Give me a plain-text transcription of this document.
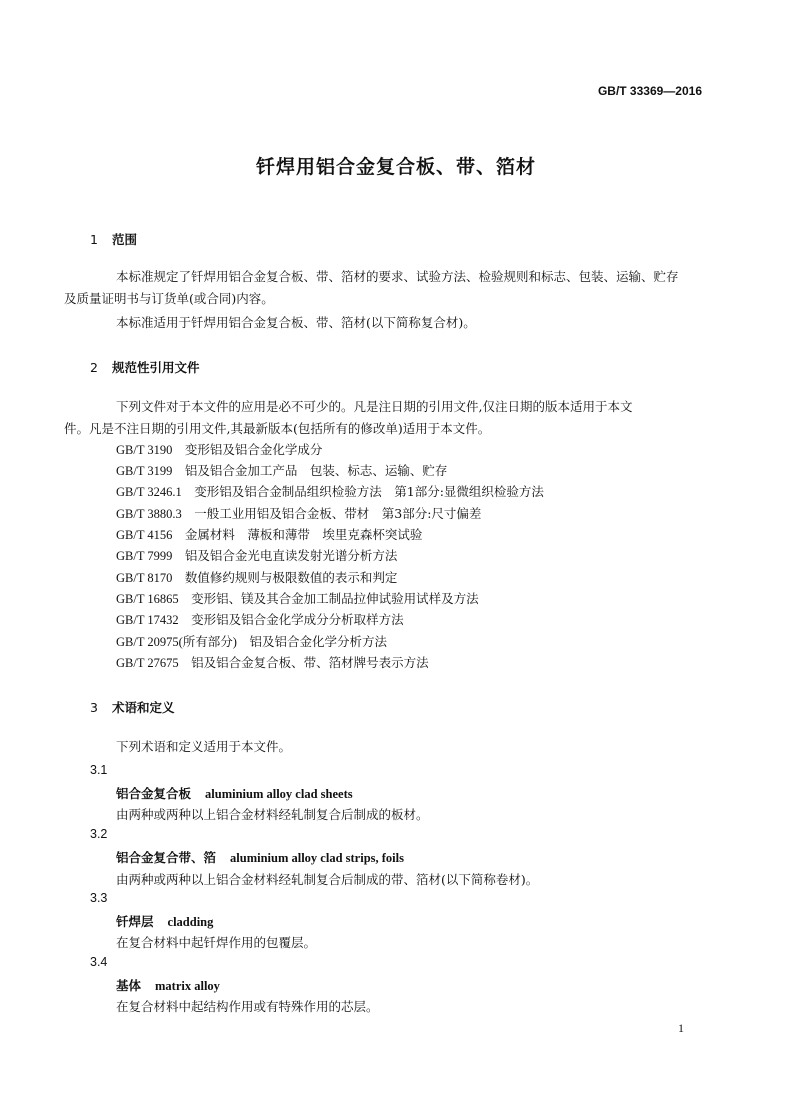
GB/T 33369—2016
钎焊用铝合金复合板、带、箔材
1 范围
本标准规定了钎焊用铝合金复合板、带、箔材的要求、试验方法、检验规则和标志、包装、运输、贮存
及质量证明书与订货单(或合同)内容。
本标准适用于钎焊用铝合金复合板、带、箔材(以下简称复合材)。
2 规范性引用文件
下列文件对于本文件的应用是必不可少的。凡是注日期的引用文件,仅注日期的版本适用于本文
件。凡是不注日期的引用文件,其最新版本(包括所有的修改单)适用于本文件。
GB/T 3190　 变形铝及铝合金化学成分
GB/T 3199　 铝及铝合金加工产品　包装、标志、运输、贮存
GB/T 3246.1　 变形铝及铝合金制品组织检验方法　第1部分:显微组织检验方法
GB/T 3880.3　 一般工业用铝及铝合金板、带材　第3部分:尺寸偏差
GB/T 4156　 金属材料　薄板和薄带　埃里克森杯突试验
GB/T 7999　 铝及铝合金光电直读发射光谱分析方法
GB/T 8170　 数值修约规则与极限数值的表示和判定
GB/T 16865　 变形铝、镁及其合金加工制品拉伸试验用试样及方法
GB/T 17432　 变形铝及铝合金化学成分分析取样方法
GB/T 20975(所有部分)　 铝及铝合金化学分析方法
GB/T 27675　 铝及铝合金复合板、带、箔材牌号表示方法
3 术语和定义
下列术语和定义适用于本文件。
3.1
铝合金复合板 aluminium alloy clad sheets
由两种或两种以上铝合金材料经轧制复合后制成的板材。
3.2
铝合金复合带、箔 aluminium alloy clad strips, foils
由两种或两种以上铝合金材料经轧制复合后制成的带、箔材(以下简称卷材)。
3.3
钎焊层 cladding
在复合材料中起钎焊作用的包覆层。
3.4
基体 matrix alloy
在复合材料中起结构作用或有特殊作用的芯层。
1
